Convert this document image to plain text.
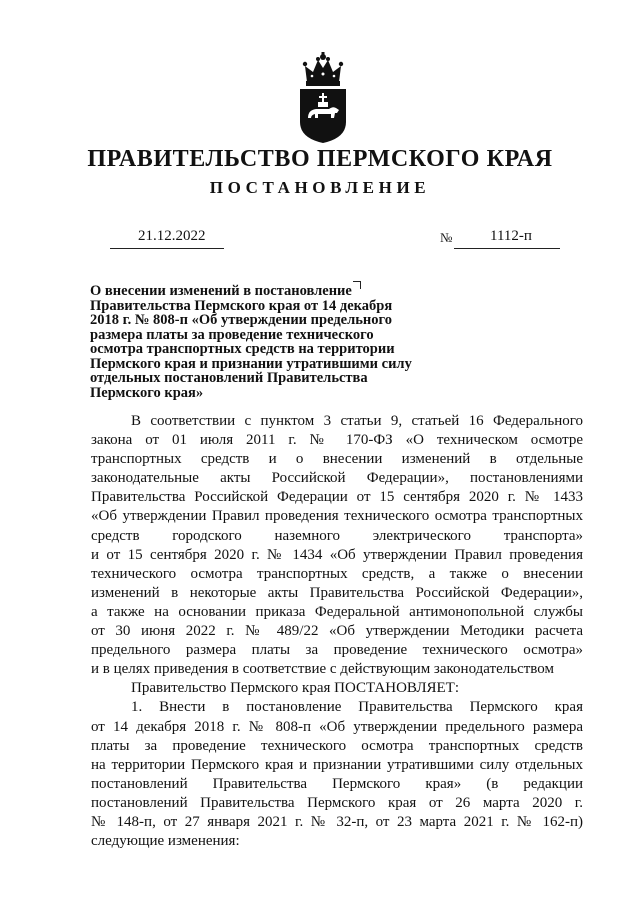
ПРАВИТЕЛЬСТВО ПЕРМСКОГО КРАЯ
ПОСТАНОВЛЕНИЕ
21.12.2022	№	1112-п
О внесении изменений в постановление
Правительства Пермского края от 14 декабря
2018 г. № 808-п «Об утверждении предельного
размера платы за проведение технического
осмотра транспортных средств на территории
Пермского края и признании утратившими силу
отдельных постановлений Правительства
Пермского края»
В соответствии с пунктом 3 статьи 9, статьей 16 Федерального
закона от 01 июля 2011 г. № 170-ФЗ «О техническом осмотре
транспортных средств и о внесении изменений в отдельные
законодательные акты Российской Федерации», постановлениями
Правительства Российской Федерации от 15 сентября 2020 г. № 1433
«Об утверждении Правил проведения технического осмотра транспортных
средств городского наземного электрического транспорта»
и от 15 сентября 2020 г. № 1434 «Об утверждении Правил проведения
технического осмотра транспортных средств, а также о внесении
изменений в некоторые акты Правительства Российской Федерации»,
а также на основании приказа Федеральной антимонопольной службы
от 30 июня 2022 г. № 489/22 «Об утверждении Методики расчета
предельного размера платы за проведение технического осмотра»
и в целях приведения в соответствие с действующим законодательством
Правительство Пермского края ПОСТАНОВЛЯЕТ:
1. Внести в постановление Правительства Пермского края
от 14 декабря 2018 г. № 808-п «Об утверждении предельного размера
платы за проведение технического осмотра транспортных средств
на территории Пермского края и признании утратившими силу отдельных
постановлений Правительства Пермского края» (в редакции
постановлений Правительства Пермского края от 26 марта 2020 г.
№ 148-п, от 27 января 2021 г. № 32-п, от 23 марта 2021 г. № 162-п)
следующие изменения:
